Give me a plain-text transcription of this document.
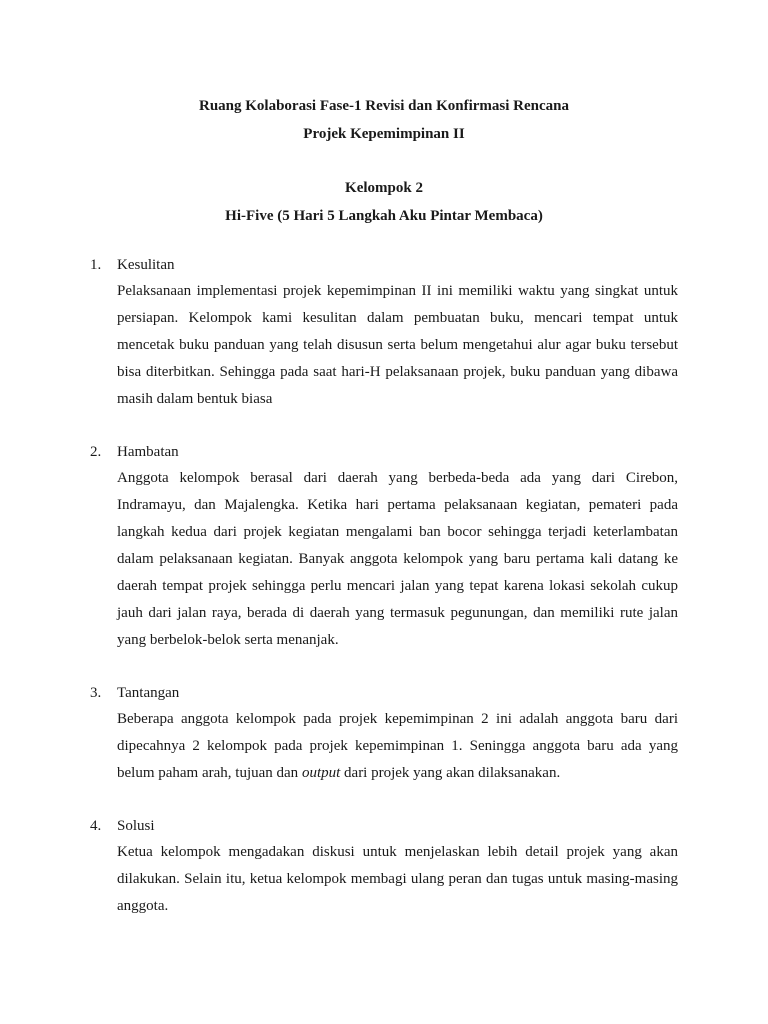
Ruang Kolaborasi Fase-1 Revisi dan Konfirmasi Rencana
Projek Kepemimpinan II
Kelompok 2
Hi-Five (5 Hari 5 Langkah Aku Pintar Membaca)
1.	Kesulitan
Pelaksanaan implementasi projek kepemimpinan II ini memiliki waktu yang singkat untuk persiapan. Kelompok kami kesulitan dalam pembuatan buku, mencari tempat untuk mencetak buku panduan yang telah disusun serta belum mengetahui alur agar buku tersebut bisa diterbitkan. Sehingga pada saat hari-H pelaksanaan projek, buku panduan yang dibawa masih dalam bentuk biasa
2.	Hambatan
Anggota kelompok berasal dari daerah yang berbeda-beda ada yang dari Cirebon, Indramayu, dan Majalengka. Ketika hari pertama pelaksanaan kegiatan, pemateri pada langkah kedua dari projek kegiatan mengalami ban bocor sehingga terjadi keterlambatan dalam pelaksanaan kegiatan. Banyak anggota kelompok yang baru pertama kali datang ke daerah tempat projek sehingga perlu mencari jalan yang tepat karena lokasi sekolah cukup jauh dari jalan raya, berada di daerah yang termasuk pegunungan, dan memiliki rute jalan yang berbelok-belok serta menanjak.
3.	Tantangan
Beberapa anggota kelompok pada projek kepemimpinan 2 ini adalah anggota baru dari dipecahnya 2 kelompok pada projek kepemimpinan 1. Seningga anggota baru ada yang belum paham arah, tujuan dan output dari projek yang akan dilaksanakan.
4.	Solusi
Ketua kelompok mengadakan diskusi untuk menjelaskan lebih detail projek yang akan dilakukan. Selain itu, ketua kelompok membagi ulang peran dan tugas untuk masing-masing anggota.
